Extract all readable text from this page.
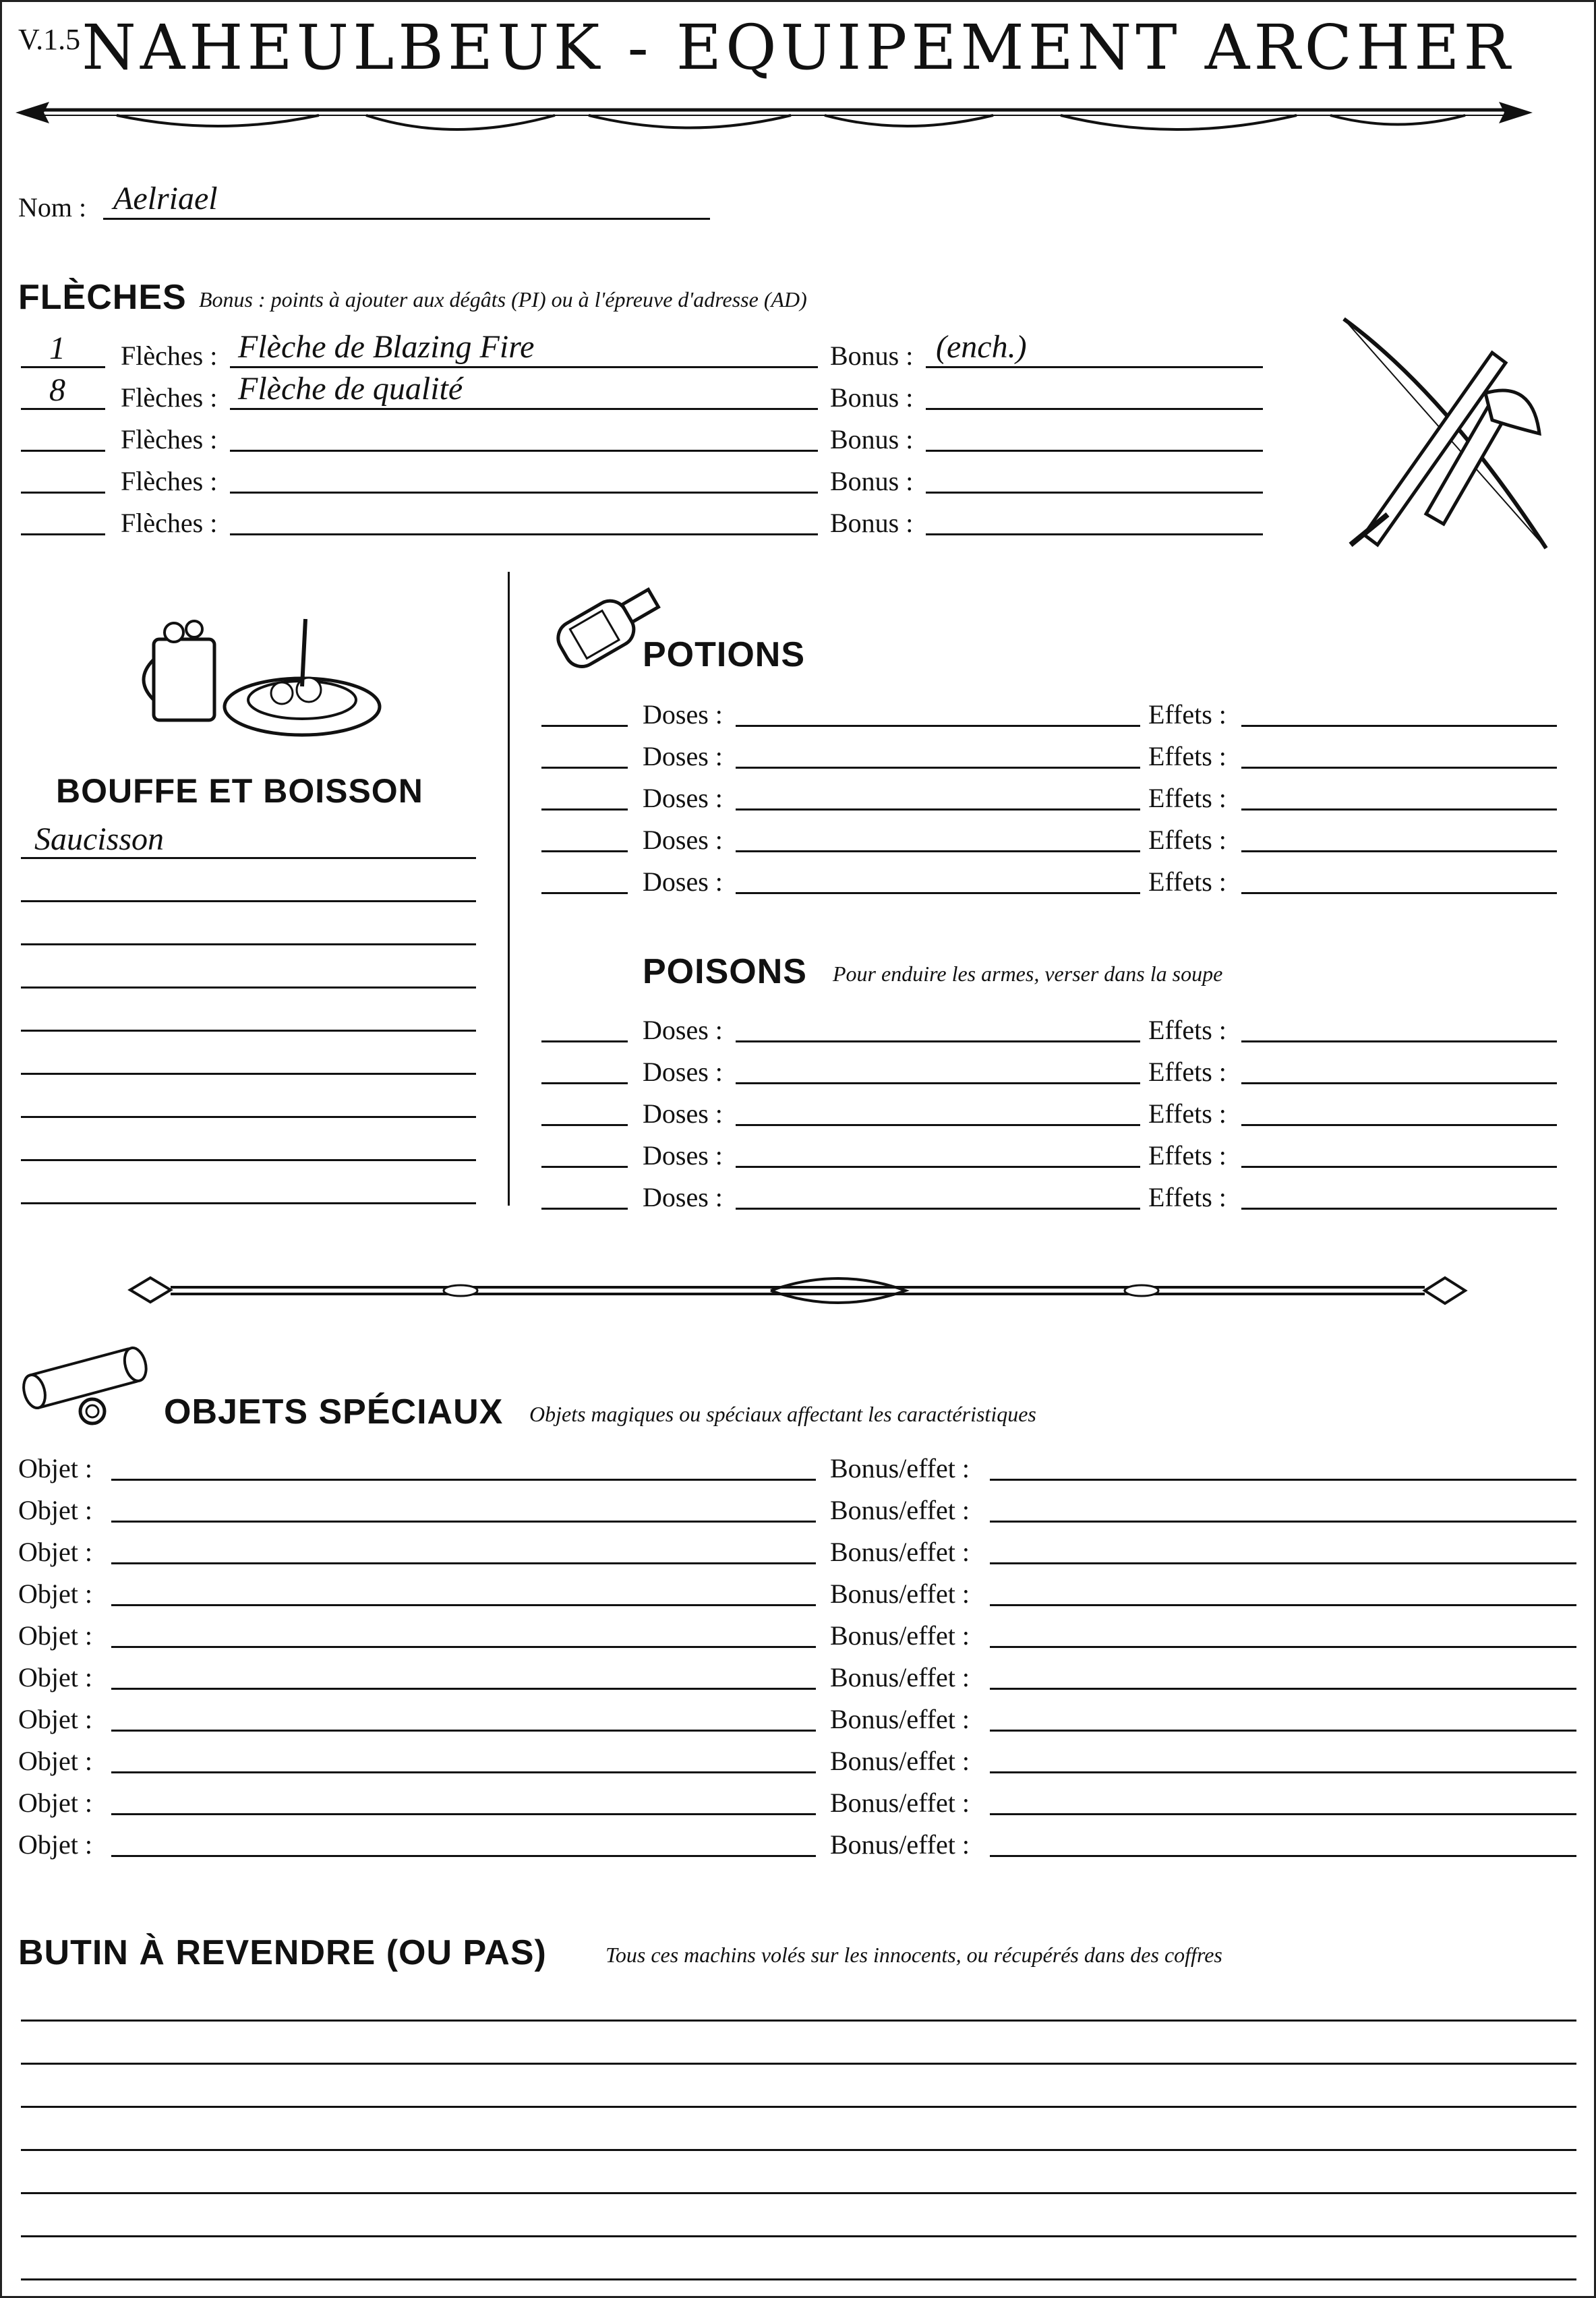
V.1.5 NAHEULBEUK - EQUIPEMENT ARCHER
Nom : Aelriael
FLÈCHES Bonus : points à ajouter aux dégâts (PI) ou à l'épreuve d'adresse (AD)
1 Flèches : Flèche de Blazing Fire	Bonus : (ench.)
8 Flèches : Flèche de qualité	Bonus :
Flèches :	Bonus :
Flèches :	Bonus :
Flèches :	Bonus :
BOUFFE ET BOISSON
Saucisson
POTIONS
Doses :	Effets :
Doses :	Effets :
Doses :	Effets :
Doses :	Effets :
Doses :	Effets :
POISONS Pour enduire les armes, verser dans la soupe
Doses :	Effets :
Doses :	Effets :
Doses :	Effets :
Doses :	Effets :
Doses :	Effets :
OBJETS SPÉCIAUX Objets magiques ou spéciaux affectant les caractéristiques
Objet :	Bonus/effet :
Objet :	Bonus/effet :
Objet :	Bonus/effet :
Objet :	Bonus/effet :
Objet :	Bonus/effet :
Objet :	Bonus/effet :
Objet :	Bonus/effet :
Objet :	Bonus/effet :
Objet :	Bonus/effet :
Objet :	Bonus/effet :
BUTIN À REVENDRE (OU PAS)	Tous ces machins volés sur les innocents, ou récupérés dans des coffres
